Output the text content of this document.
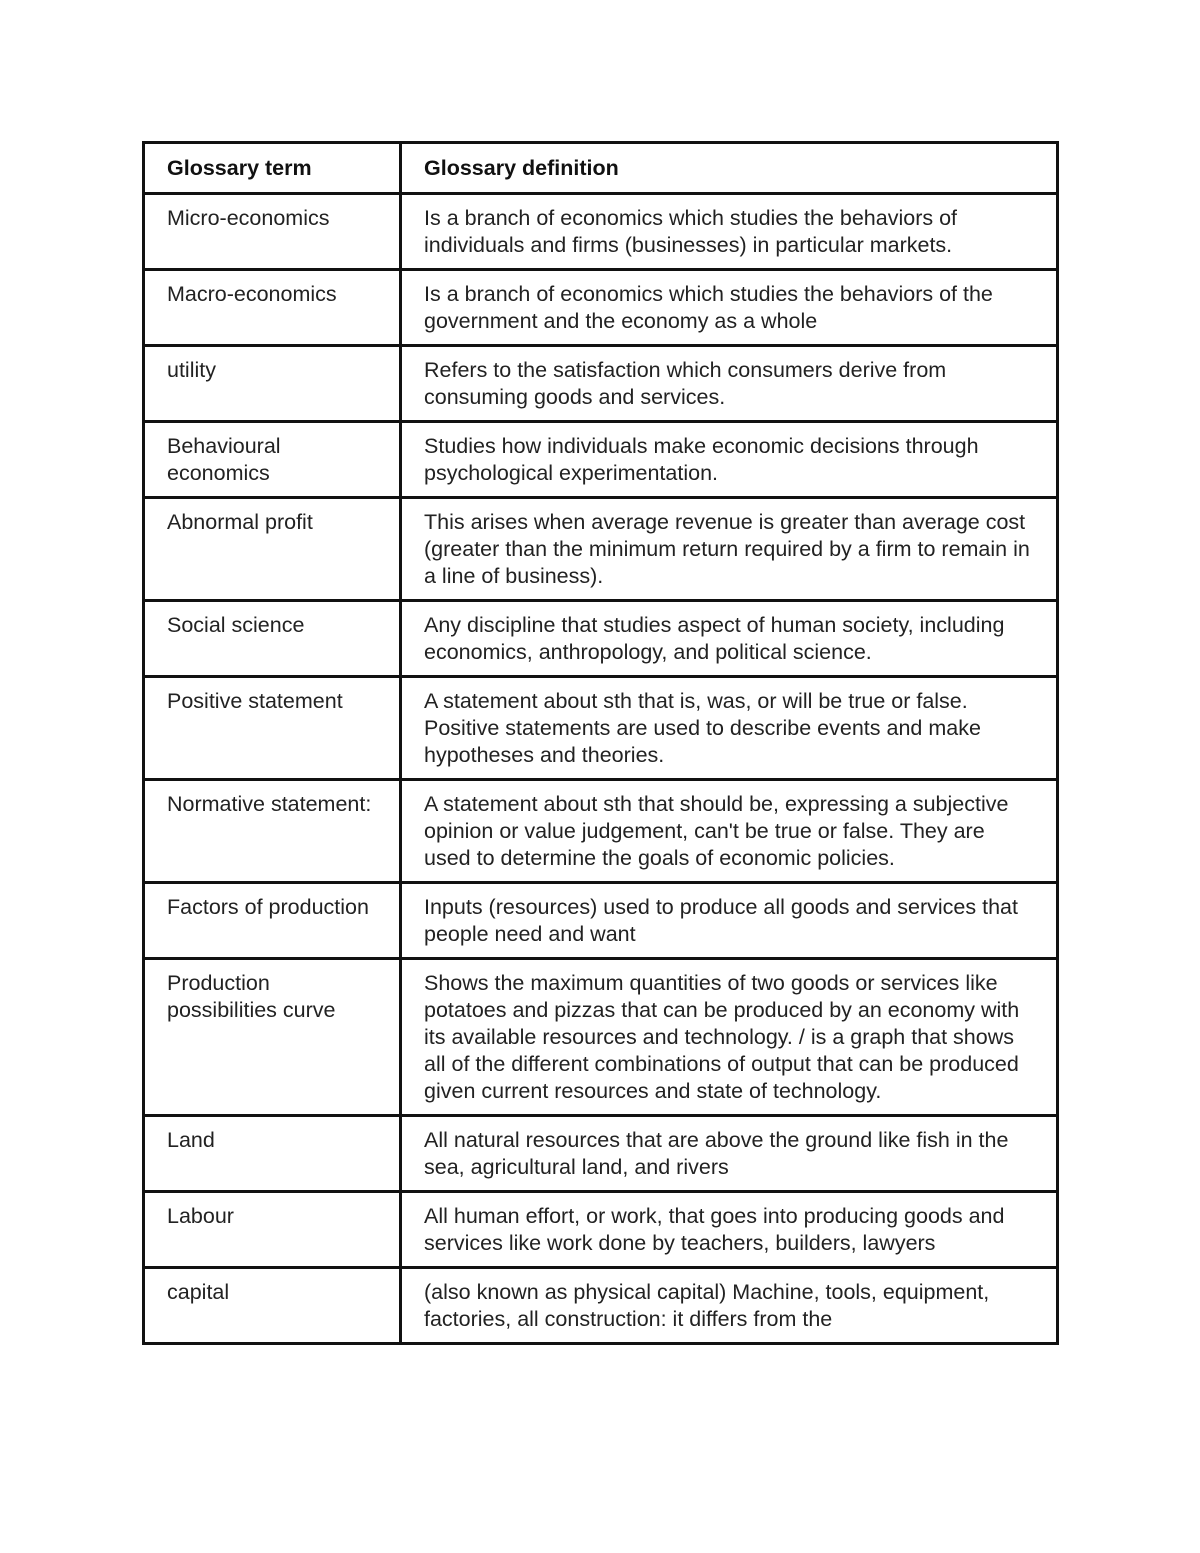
Glossary term	Glossary definition
Micro-economics	Is a branch of economics which studies the behaviors of individuals and firms (businesses) in particular markets.
Macro-economics	Is a branch of economics which studies the behaviors of the government and the economy as a whole
utility	Refers to the satisfaction which consumers derive from consuming goods and services.
Behavioural economics	Studies how individuals make economic decisions through psychological experimentation.
Abnormal profit	This arises when average revenue is greater than average cost (greater than the minimum return required by a firm to remain in a line of business).
Social science	Any discipline that studies aspect of human society, including economics, anthropology, and political science.
Positive statement	A statement about sth that is, was, or will be true or false. Positive statements are used to describe events and make hypotheses and theories.
Normative statement:	A statement about sth that should be, expressing a subjective opinion or value judgement, can't be true or false. They are used to determine the goals of economic policies.
Factors of production	Inputs (resources) used to produce all goods and services that people need and want
Production possibilities curve	Shows the maximum quantities of two goods or services like potatoes and pizzas that can be produced by an economy with its available resources and technology. / is a graph that shows all of the different combinations of output that can be produced given current resources and state of technology.
Land	All natural resources that are above the ground like fish in the sea, agricultural land, and rivers
Labour	All human effort, or work, that goes into producing goods and services like work done by teachers, builders, lawyers
capital	(also known as physical capital) Machine, tools, equipment, factories, all construction: it differs from the
